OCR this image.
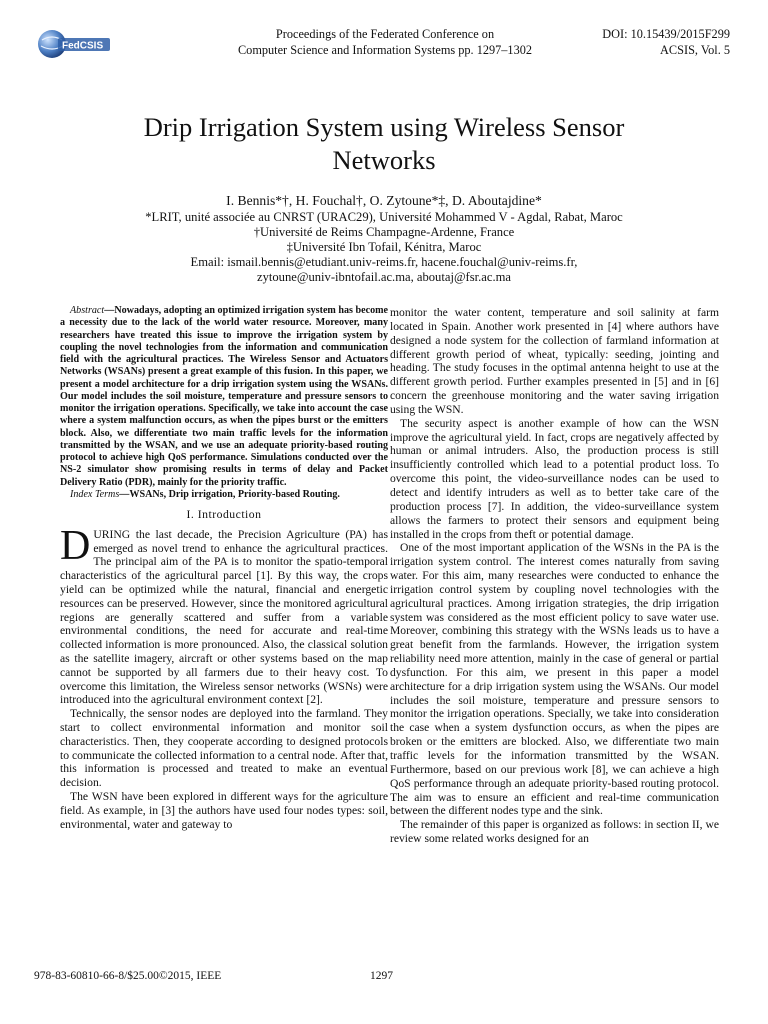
FedCSIS
Proceedings of the Federated Conference on
Computer Science and Information Systems pp. 1297–1302
DOI: 10.15439/2015F299
ACSIS, Vol. 5
Drip Irrigation System using Wireless Sensor
Networks
I. Bennis*†, H. Fouchal†, O. Zytoune*‡, D. Aboutajdine*
*LRIT, unité associée au CNRST (URAC29), Université Mohammed V - Agdal, Rabat, Maroc
†Université de Reims Champagne-Ardenne, France
‡Université Ibn Tofail, Kénitra, Maroc
Email: ismail.bennis@etudiant.univ-reims.fr, hacene.fouchal@univ-reims.fr,
zytoune@univ-ibntofail.ac.ma, aboutaj@fsr.ac.ma

Abstract—Nowadays, adopting an optimized irrigation system has become a necessity due to the lack of the world water resource. Moreover, many researchers have treated this issue to improve the irrigation system by coupling the novel technologies from the information and communication field with the agricultural practices. The Wireless Sensor and Actuators Networks (WSANs) present a great example of this fusion. In this paper, we present a model architecture for a drip irrigation system using the WSANs. Our model includes the soil moisture, temperature and pressure sensors to monitor the irrigation operations. Specifically, we take into account the case where a system malfunction occurs, as when the pipes burst or the emitters block. Also, we differentiate two main traffic levels for the information transmitted by the WSAN, and we use an adequate priority-based routing protocol to achieve high QoS performance. Simulations conducted over the NS-2 simulator show promising results in terms of delay and Packet Delivery Ratio (PDR), mainly for the priority traffic.

Index Terms—WSANs, Drip irrigation, Priority-based Routing.

I. Introduction

DURING the last decade, the Precision Agriculture (PA) has emerged as novel trend to enhance the agricultural practices. The principal aim of the PA is to monitor the spatio-temporal characteristics of the agricultural parcel [1]. By this way, the crops yield can be optimized while the natural, financial and energetic resources can be preserved. However, since the monitored agricultural regions are generally scattered and suffer from a variable environmental conditions, the need for accurate and real-time collected information is more pronounced. Also, the classical solution as the satellite imagery, aircraft or other systems based on the map cannot be supported by all farmers due to their heavy cost. To overcome this limitation, the Wireless sensor networks (WSNs) were introduced into the agricultural environment context [2].

Technically, the sensor nodes are deployed into the farmland. They start to collect environmental information and monitor soil characteristics. Then, they cooperate according to designed protocols to communicate the collected information to a central node. After that, this information is processed and treated to make an eventual decision.

The WSN have been explored in different ways for the agriculture field. As example, in [3] the authors have used four nodes types: soil, environmental, water and gateway to

monitor the water content, temperature and soil salinity at farm located in Spain. Another work presented in [4] where authors have designed a node system for the collection of farmland information at different growth period of wheat, typically: seeding, jointing and heading. The study focuses in the optimal antenna height to use at the different growth period. Further examples presented in [5] and in [6] concern the greenhouse monitoring and the water saving irrigation using the WSN.

The security aspect is another example of how can the WSN improve the agricultural yield. In fact, crops are negatively affected by human or animal intruders. Also, the production process is still insufficiently controlled which lead to a potential product loss. To overcome this point, the video-surveillance nodes can be used to detect and identify intruders as well as to better take care of the production process [7]. In addition, the video-surveillance system allows the farmers to protect their sensors and equipment being installed in the crops from theft or potential damage.

One of the most important application of the WSNs in the PA is the irrigation system control. The interest comes naturally from saving water. For this aim, many researches were conducted to enhance the irrigation control system by coupling novel technologies with the agricultural practices. Among irrigation strategies, the drip irrigation system was considered as the most efficient policy to save water use. Moreover, combining this strategy with the WSNs leads us to have a great benefit from the farmlands. However, the irrigation system reliability need more attention, mainly in the case of general or partial dysfunction. For this aim, we present in this paper a model architecture for a drip irrigation system using the WSANs. Our model includes the soil moisture, temperature and pressure sensors to monitor the irrigation operations. Specially, we take into consideration the case when a system dysfunction occurs, as when the pipes are broken or the emitters are blocked. Also, we differentiate two main traffic levels for the information transmitted by the WSAN. Furthermore, based on our previous work [8], we can achieve a high QoS performance through an adequate priority-based routing protocol. The aim was to ensure an efficient and real-time communication between the different nodes type and the sink.

The remainder of this paper is organized as follows: in section II, we review some related works designed for an

978-83-60810-66-8/$25.00©2015, IEEE	1297
